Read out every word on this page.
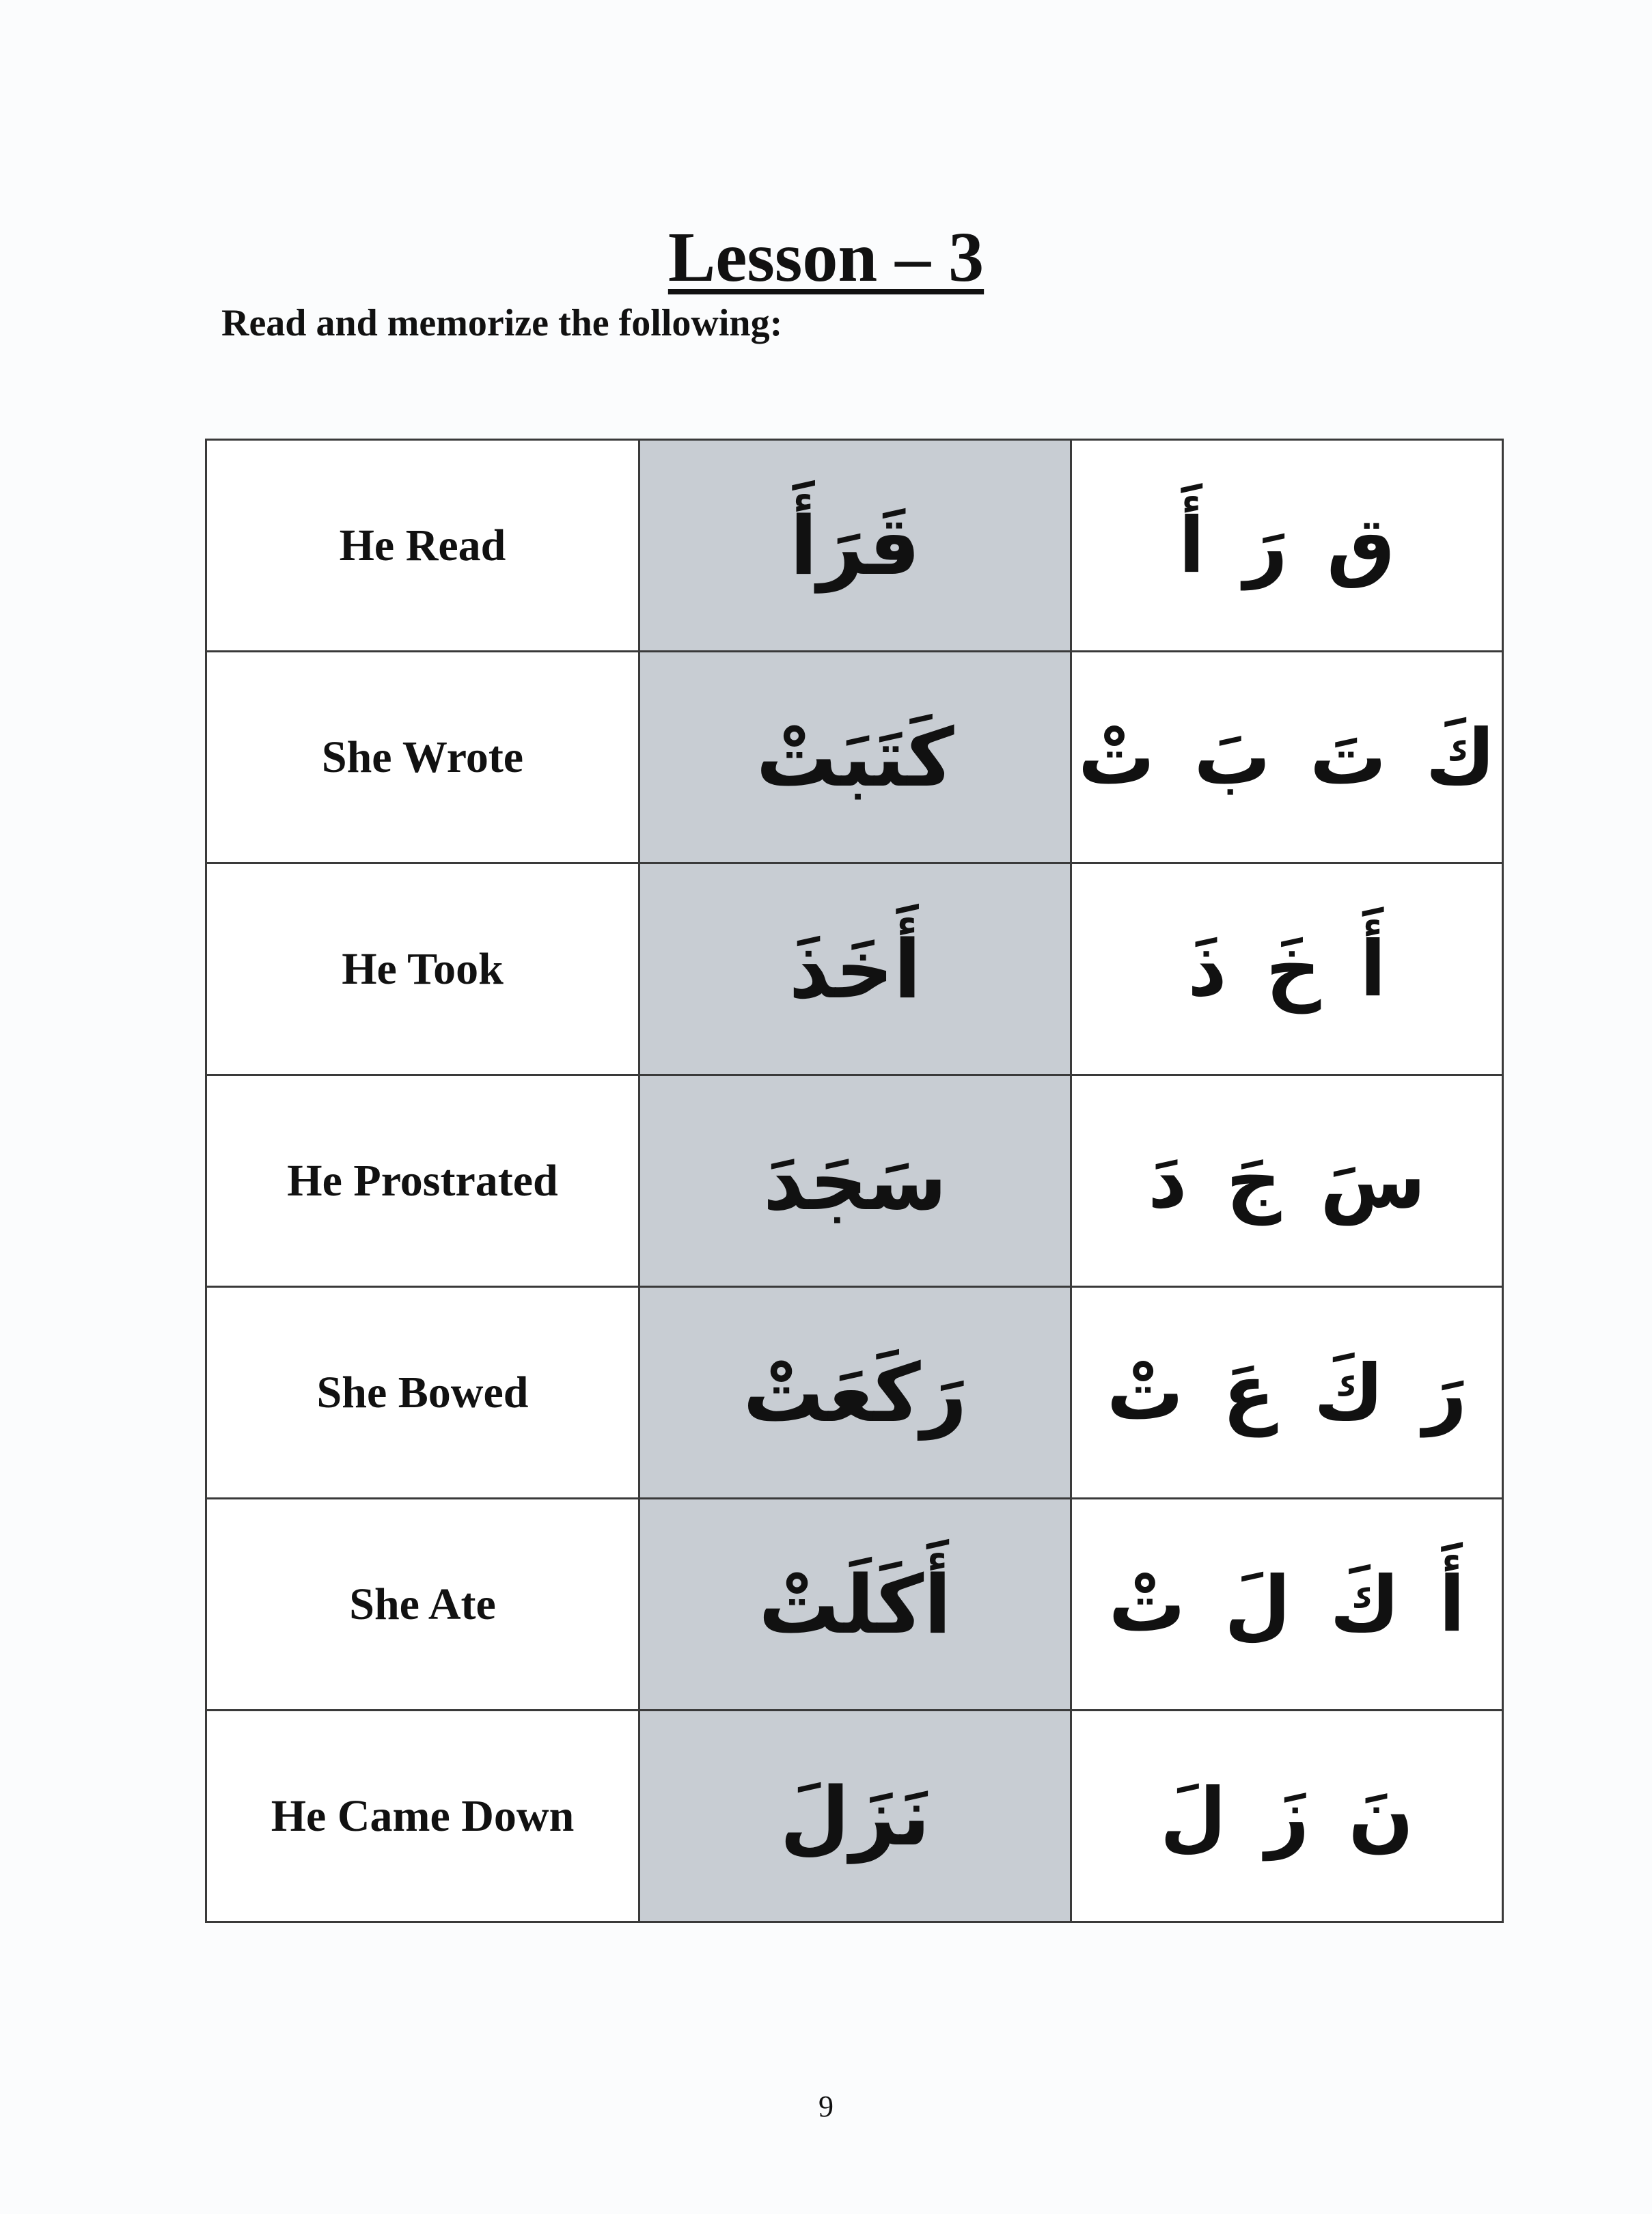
Lesson – 3
Read and memorize the following:
He Read	قَرَأَ	ق رَ أَ
She Wrote	كَتَبَتْ	كَ تَ بَ تْ
He Took	أَخَذَ	أَ خَ ذَ
He Prostrated	سَجَدَ	سَ جَ دَ
She Bowed	رَكَعَتْ	رَ كَ عَ تْ
She Ate	أَكَلَتْ	أَ كَ لَ تْ
He Came Down	نَزَلَ	نَ زَ لَ
9
